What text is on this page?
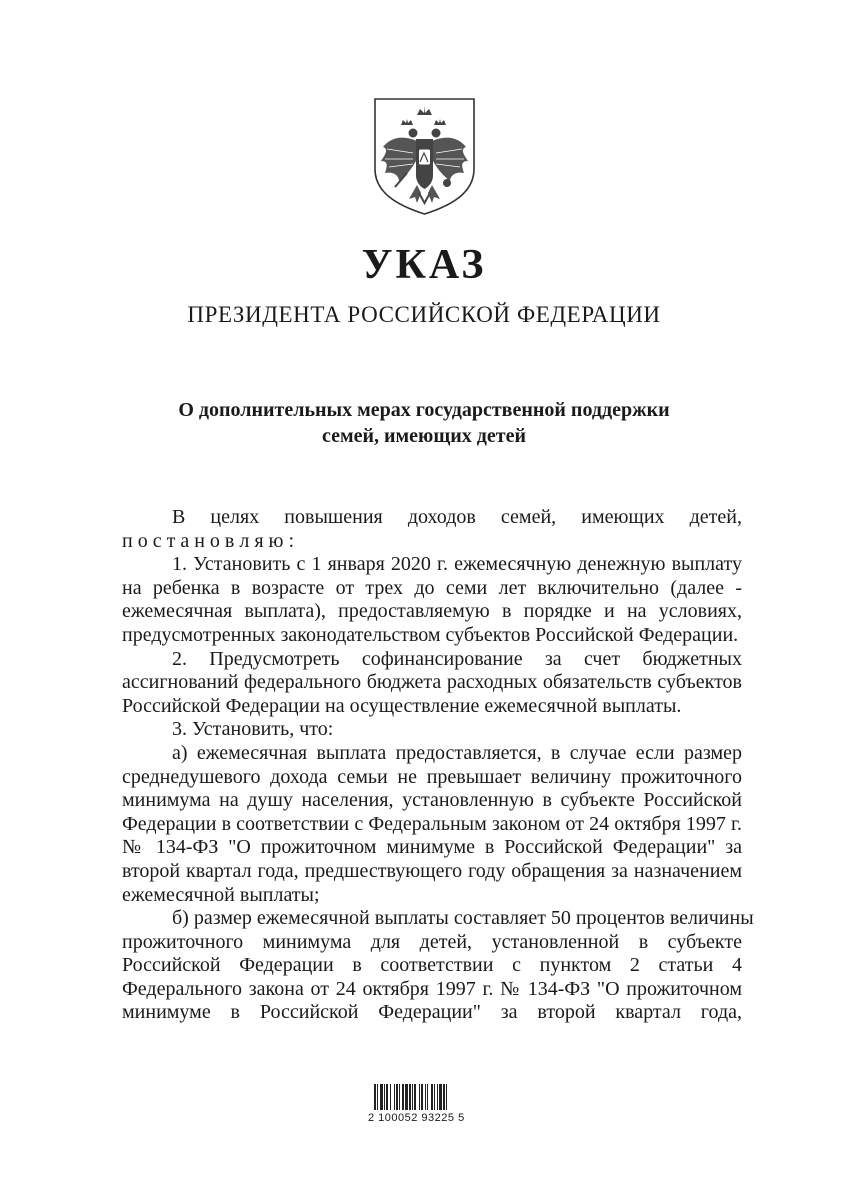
УКАЗ
ПРЕЗИДЕНТА РОССИЙСКОЙ ФЕДЕРАЦИИ
О дополнительных мерах государственной поддержки
семей, имеющих детей
В целях повышения доходов семей, имеющих детей,
п о с т а н о в л я ю :
1. Установить с 1 января 2020 г. ежемесячную денежную выплату
на ребенка в возрасте от трех до семи лет включительно (далее -
ежемесячная выплата), предоставляемую в порядке и на условиях,
предусмотренных законодательством субъектов Российской Федерации.
2. Предусмотреть софинансирование за счет бюджетных
ассигнований федерального бюджета расходных обязательств субъектов
Российской Федерации на осуществление ежемесячной выплаты.
3. Установить, что:
а) ежемесячная выплата предоставляется, в случае если размер
среднедушевого дохода семьи не превышает величину прожиточного
минимума на душу населения, установленную в субъекте Российской
Федерации в соответствии с Федеральным законом от 24 октября 1997 г.
№ 134-ФЗ "О прожиточном минимуме в Российской Федерации" за
второй квартал года, предшествующего году обращения за назначением
ежемесячной выплаты;
б) размер ежемесячной выплаты составляет 50 процентов величины
прожиточного минимума для детей, установленной в субъекте
Российской Федерации в соответствии с пунктом 2 статьи 4
Федерального закона от 24 октября 1997 г. № 134-ФЗ "О прожиточном
минимуме в Российской Федерации" за второй квартал года,
2 100052 93225 5
